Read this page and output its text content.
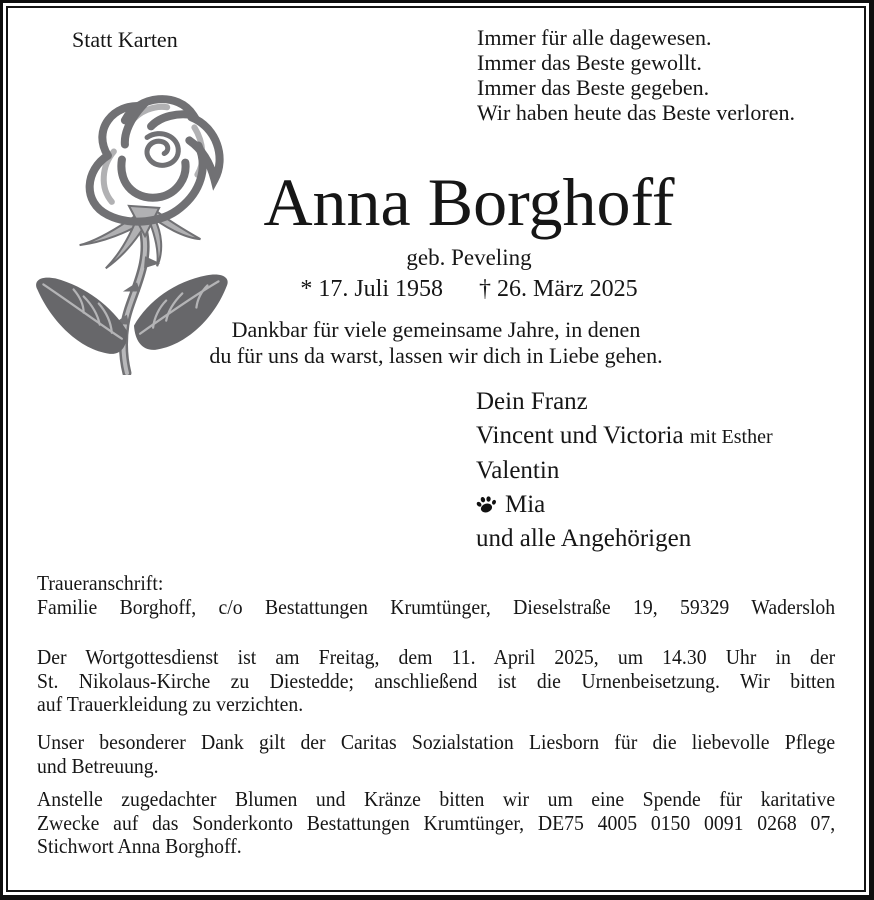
Statt Karten	Immer für alle dagewesen.
Immer das Beste gewollt.
Immer das Beste gegeben.
Wir haben heute das Beste verloren.
Anna Borghoff
geb. Peveling
* 17. Juli 1958 † 26. März 2025
Dankbar für viele gemeinsame Jahre, in denen
du für uns da warst, lassen wir dich in Liebe gehen.
Dein Franz
Vincent und Victoria mit Esther
Valentin
Mia
und alle Angehörigen
Traueranschrift:
Familie Borghoff, c/o Bestattungen Krumtünger, Dieselstraße 19, 59329 Wadersloh
Der Wortgottesdienst ist am Freitag, dem 11. April 2025, um 14.30 Uhr in der
St. Nikolaus-Kirche zu Diestedde; anschließend ist die Urnenbeisetzung. Wir bitten
auf Trauerkleidung zu verzichten.
Unser besonderer Dank gilt der Caritas Sozialstation Liesborn für die liebevolle Pflege
und Betreuung.
Anstelle zugedachter Blumen und Kränze bitten wir um eine Spende für karitative
Zwecke auf das Sonderkonto Bestattungen Krumtünger, DE75 4005 0150 0091 0268 07,
Stichwort Anna Borghoff.
